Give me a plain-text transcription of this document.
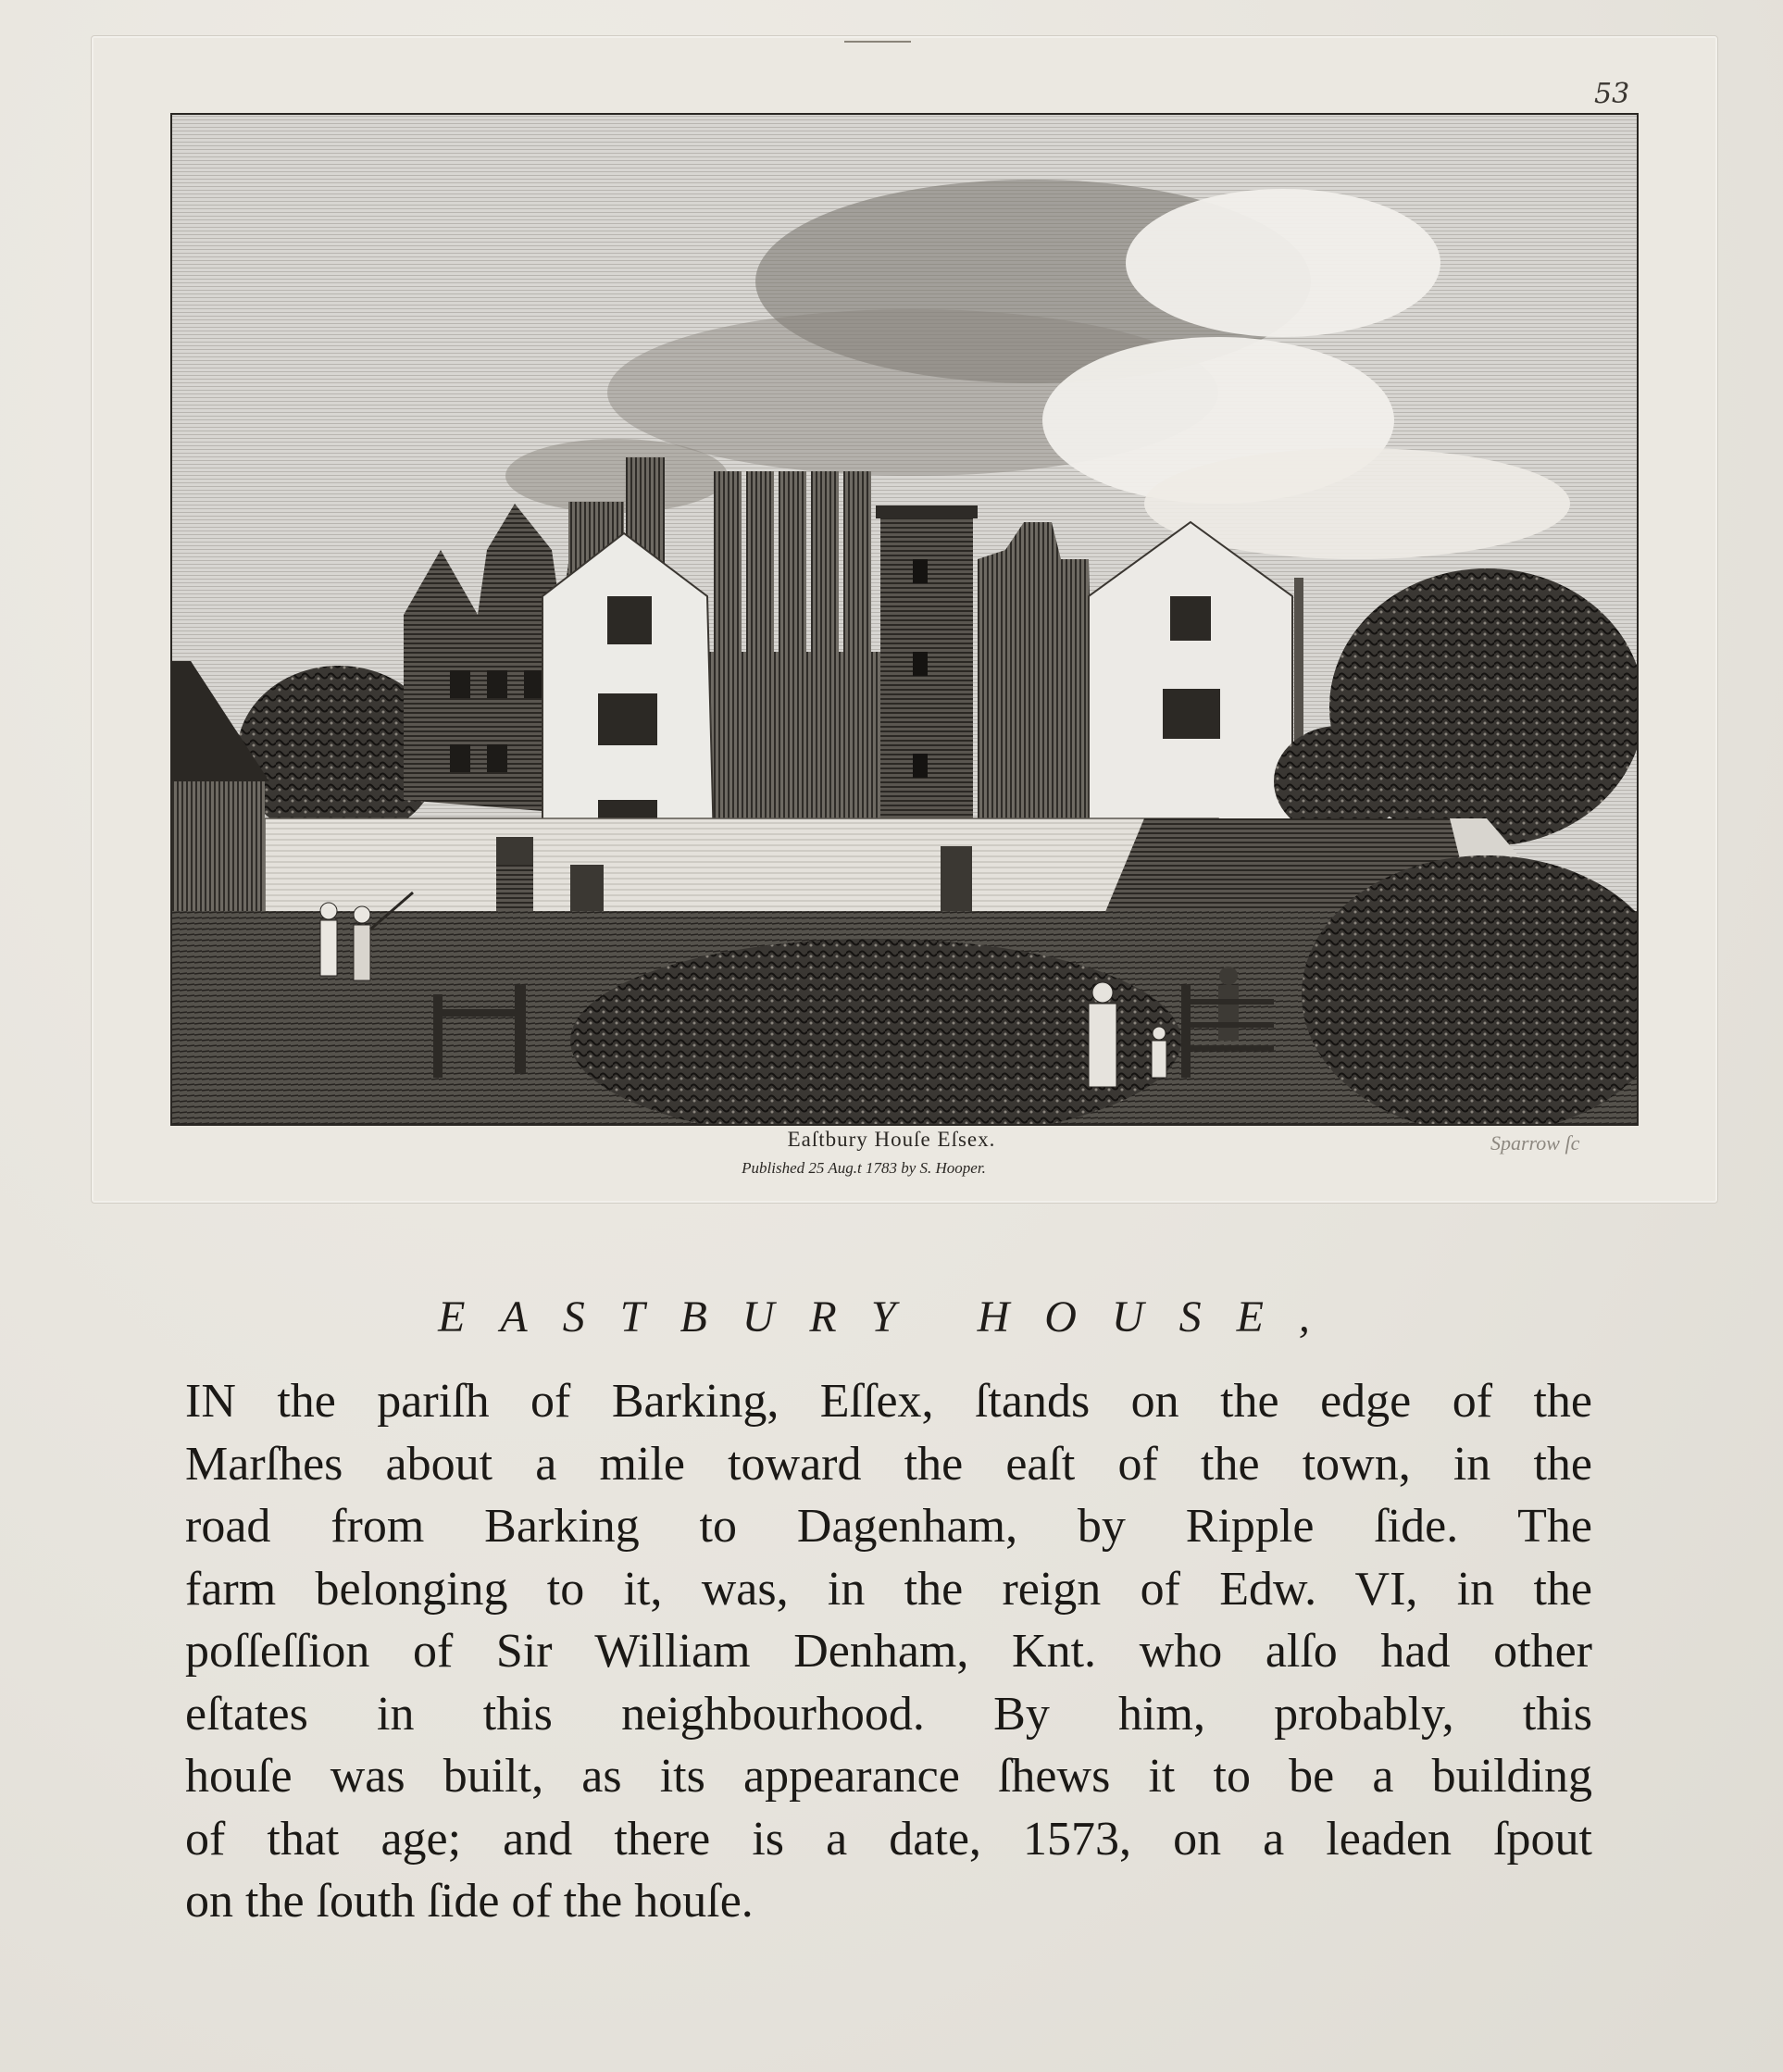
53
Eaſtbury Houſe Eſsex.
Published 25 Aug.t 1783 by S. Hooper.
Sparrow ſc
EASTBURY HOUSE,
IN the pariſh of Barking, Eſſex, ſtands on the edge of the
Marſhes about a mile toward the eaſt of the town, in the
road from Barking to Dagenham, by Ripple ſide. The
farm belonging to it, was, in the reign of Edw. VI, in the
poſſeſſion of Sir William Denham, Knt. who alſo had other
eſtates in this neighbourhood. By him, probably, this
houſe was built, as its appearance ſhews it to be a building
of that age; and there is a date, 1573, on a leaden ſpout
on the ſouth ſide of the houſe.
